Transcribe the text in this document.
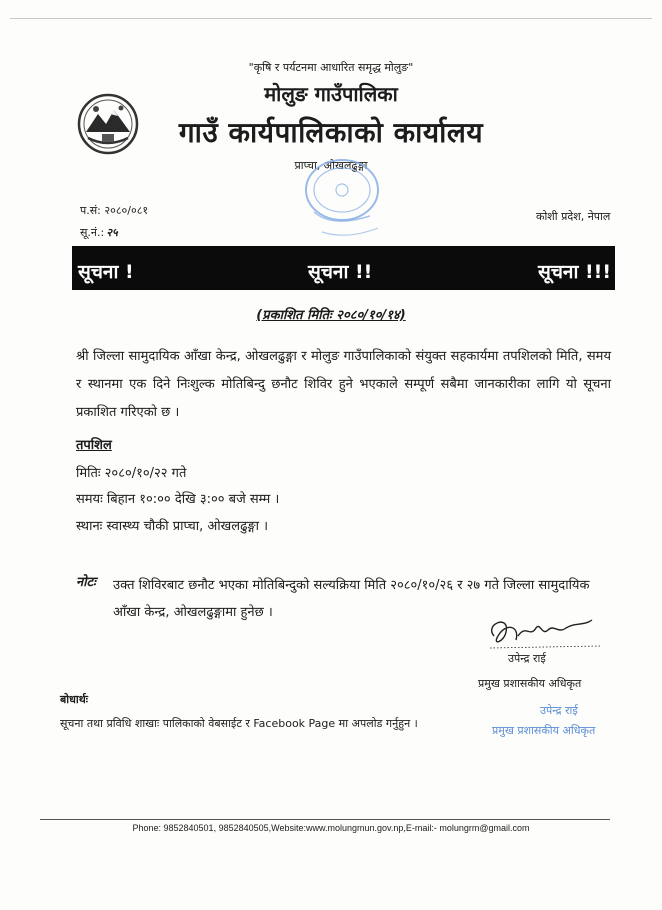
"कृषि र पर्यटनमा आधारित समृद्ध मोलुङ"
मोलुङ गाउँपालिका
गाउँ कार्यपालिकाको कार्यालय
प्राप्चा, ओखलढुङ्गा
प.सं: २०८०/०८१
सू.नं.: २५
कोशी प्रदेश, नेपाल
सूचना !	सूचना !!	सूचना !!!
(प्रकाशित मितिः २०८०/१०/१४)
श्री जिल्ला सामुदायिक आँखा केन्द्र, ओखलढुङ्गा र मोलुङ गाउँपालिकाको संयुक्त सहकार्यमा तपशिलको मिति, समय र स्थानमा एक दिने निःशुल्क मोतिबिन्दु छनौट शिविर हुने भएकाले सम्पूर्ण सबैमा जानकारीका लागि यो सूचना प्रकाशित गरिएको छ ।
तपशिल
मितिः २०८०/१०/२२ गते
समयः बिहान १०:०० देखि ३:०० बजे सम्म ।
स्थानः स्वास्थ्य चौकी प्राप्चा, ओखलढुङ्गा ।
नोटः उक्त शिविरबाट छनौट भएका मोतिबिन्दुको सल्यक्रिया मिति २०८०/१०/२६ र २७ गते जिल्ला सामुदायिक आँखा केन्द्र, ओखलढुङ्गामा हुनेछ ।
उपेन्द्र राई
प्रमुख प्रशासकीय अधिकृत
बोधार्थः
सूचना तथा प्रविधि शाखाः पालिकाको वेबसाईट र Facebook Page मा अपलोड गर्नुहुन ।
उपेन्द्र राई
प्रमुख प्रशासकीय अधिकृत
Phone: 9852840501, 9852840505,Website:www.molungmun.gov.np,E-mail:- molungrm@gmail.com
